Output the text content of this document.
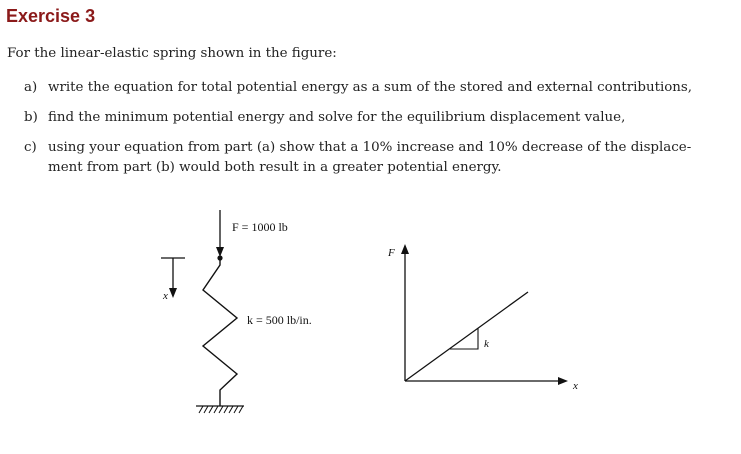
Exercise 3

For the linear-elastic spring shown in the figure:

a) write the equation for total potential energy as a sum of the stored and external contributions,
b) find the minimum potential energy and solve for the equilibrium displacement value,
c) using your equation from part (a) show that a 10% increase and 10% decrease of the displace-
ment from part (b) would both result in a greater potential energy.
x
F = 1000 lb
k = 500 lb/in.
F
x
k
